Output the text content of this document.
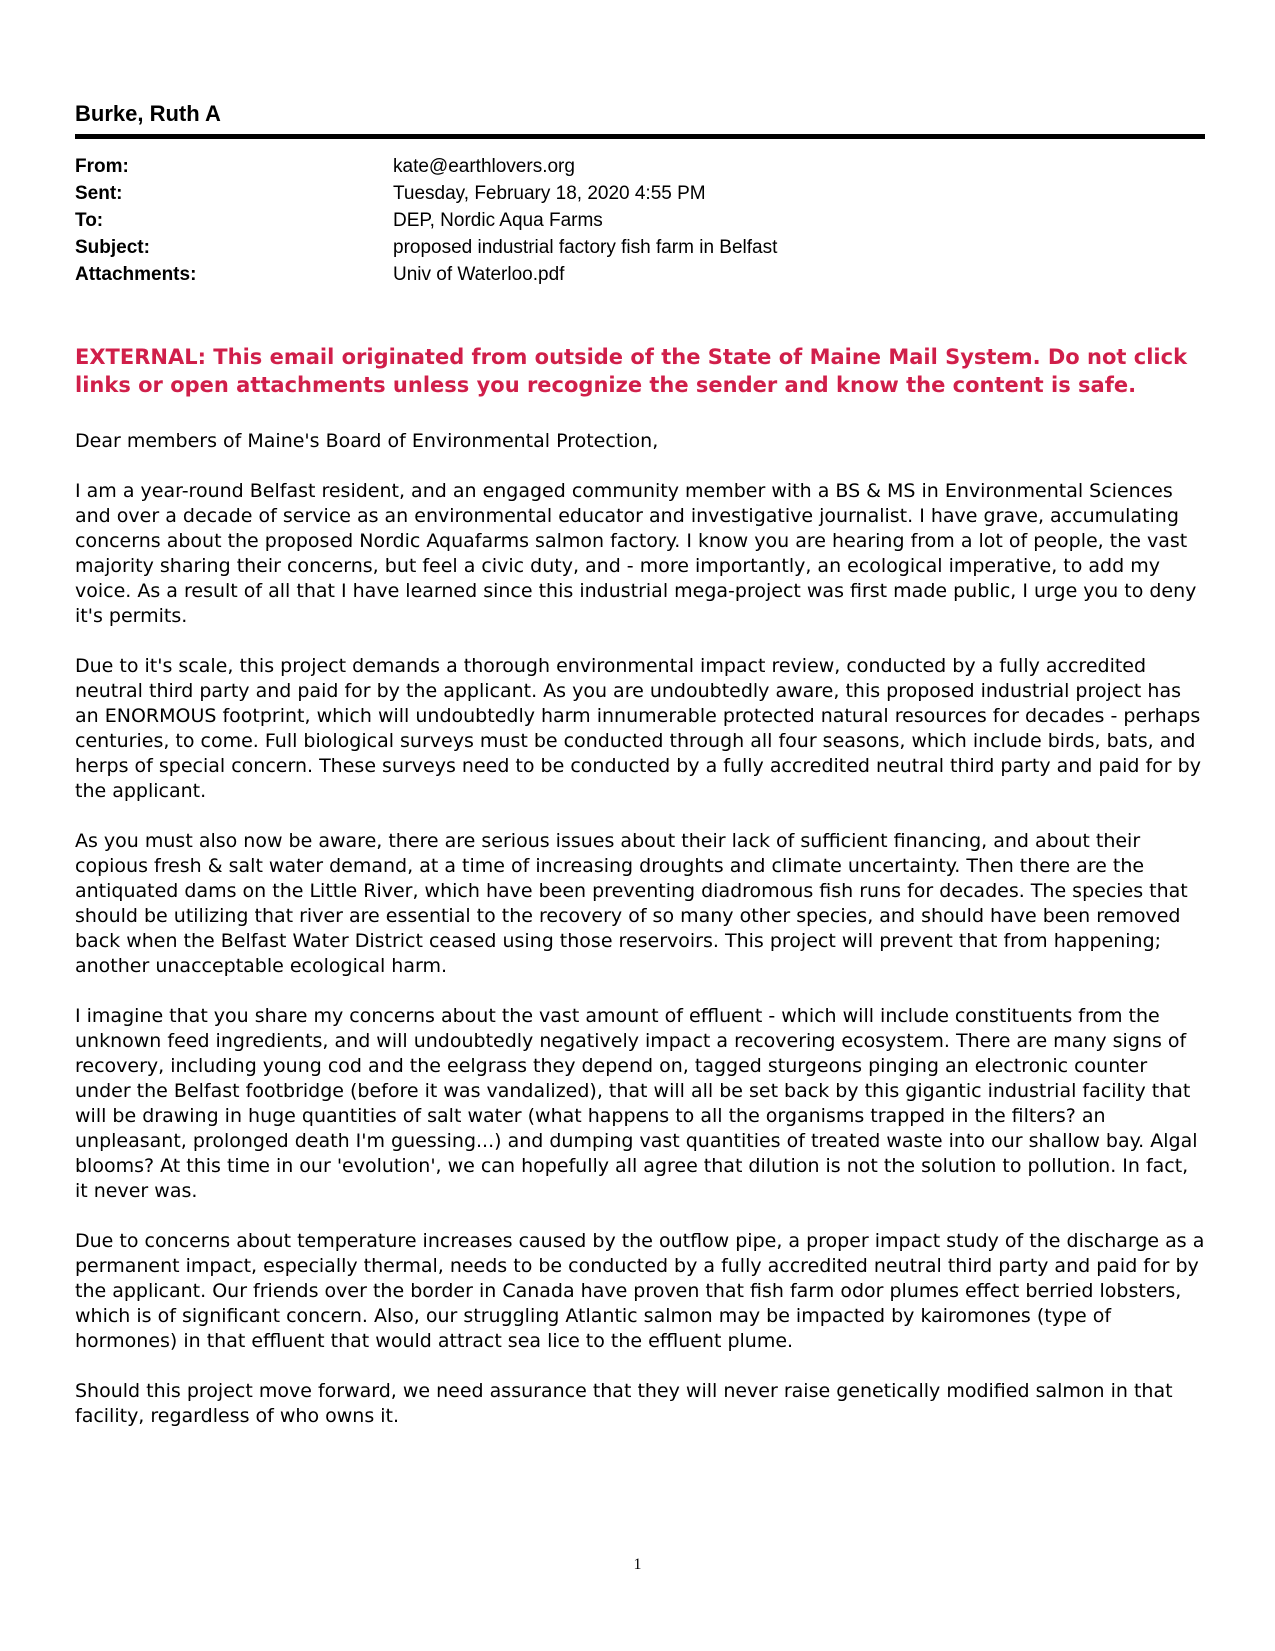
Burke, Ruth A
From:	kate@earthlovers.org
Sent:	Tuesday, February 18, 2020 4:55 PM
To:	DEP, Nordic Aqua Farms
Subject:	proposed industrial factory fish farm in Belfast
Attachments:	Univ of Waterloo.pdf
EXTERNAL: This email originated from outside of the State of Maine Mail System. Do not click links or open attachments unless you recognize the sender and know the content is safe.

Dear members of Maine's Board of Environmental Protection,

I am a year-round Belfast resident, and an engaged community member with a BS & MS in Environmental Sciences and over a decade of service as an environmental educator and investigative journalist. I have grave, accumulating concerns about the proposed Nordic Aquafarms salmon factory. I know you are hearing from a lot of people, the vast majority sharing their concerns, but feel a civic duty, and - more importantly, an ecological imperative, to add my voice. As a result of all that I have learned since this industrial mega-project was first made public, I urge you to deny it's permits.

Due to it's scale, this project demands a thorough environmental impact review, conducted by a fully accredited neutral third party and paid for by the applicant. As you are undoubtedly aware, this proposed industrial project has an ENORMOUS footprint, which will undoubtedly harm innumerable protected natural resources for decades - perhaps centuries, to come. Full biological surveys must be conducted through all four seasons, which include birds, bats, and herps of special concern. These surveys need to be conducted by a fully accredited neutral third party and paid for by the applicant.

As you must also now be aware, there are serious issues about their lack of sufficient financing, and about their copious fresh & salt water demand, at a time of increasing droughts and climate uncertainty. Then there are the antiquated dams on the Little River, which have been preventing diadromous fish runs for decades. The species that should be utilizing that river are essential to the recovery of so many other species, and should have been removed back when the Belfast Water District ceased using those reservoirs. This project will prevent that from happening; another unacceptable ecological harm.

I imagine that you share my concerns about the vast amount of effluent - which will include constituents from the unknown feed ingredients, and will undoubtedly negatively impact a recovering ecosystem. There are many signs of recovery, including young cod and the eelgrass they depend on, tagged sturgeons pinging an electronic counter under the Belfast footbridge (before it was vandalized), that will all be set back by this gigantic industrial facility that will be drawing in huge quantities of salt water (what happens to all the organisms trapped in the filters? an unpleasant, prolonged death I'm guessing...) and dumping vast quantities of treated waste into our shallow bay. Algal blooms? At this time in our 'evolution', we can hopefully all agree that dilution is not the solution to pollution. In fact, it never was.

Due to concerns about temperature increases caused by the outflow pipe, a proper impact study of the discharge as a permanent impact, especially thermal, needs to be conducted by a fully accredited neutral third party and paid for by the applicant. Our friends over the border in Canada have proven that fish farm odor plumes effect berried lobsters, which is of significant concern. Also, our struggling Atlantic salmon may be impacted by kairomones (type of hormones) in that effluent that would attract sea lice to the effluent plume.

Should this project move forward, we need assurance that they will never raise genetically modified salmon in that facility, regardless of who owns it.

1
